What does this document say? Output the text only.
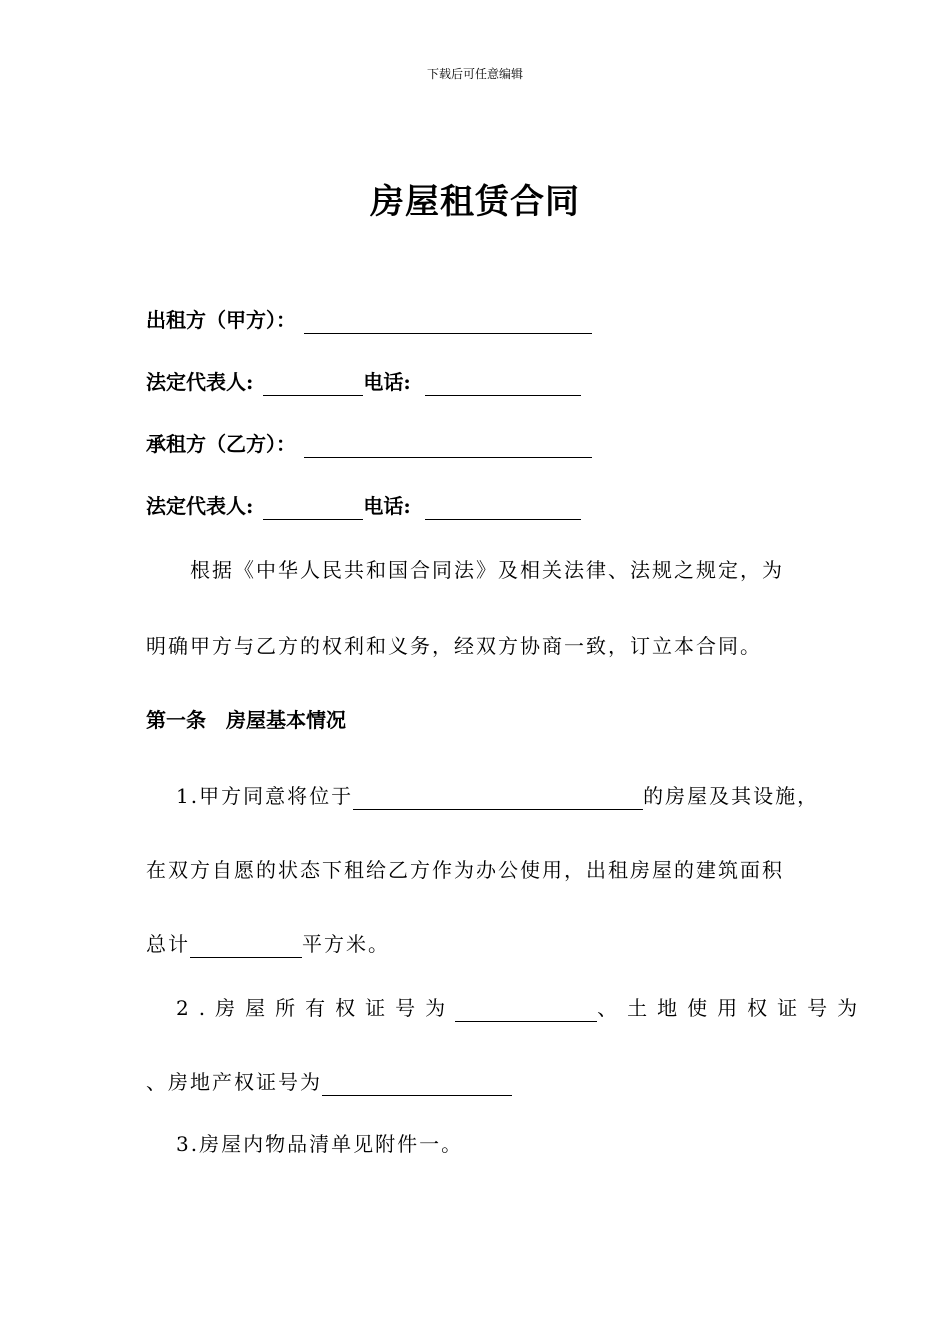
下载后可任意编辑
房屋租赁合同
出租方（甲方）：
法定代表人:	电话:
承租方（乙方）：
法定代表人:	电话:
根据《中华人民共和国合同法》及相关法律、法规之规定，为
明确甲方与乙方的权利和义务，经双方协商一致，订立本合同。
第一条　房屋基本情况
1.甲方同意将位于	的房屋及其设施，
在双方自愿的状态下租给乙方作为办公使用，出租房屋的建筑面积
总计	平方米。
2.房屋所有权证号为	、土地使用权证号为
、房地产权证号为
3.房屋内物品清单见附件一。
